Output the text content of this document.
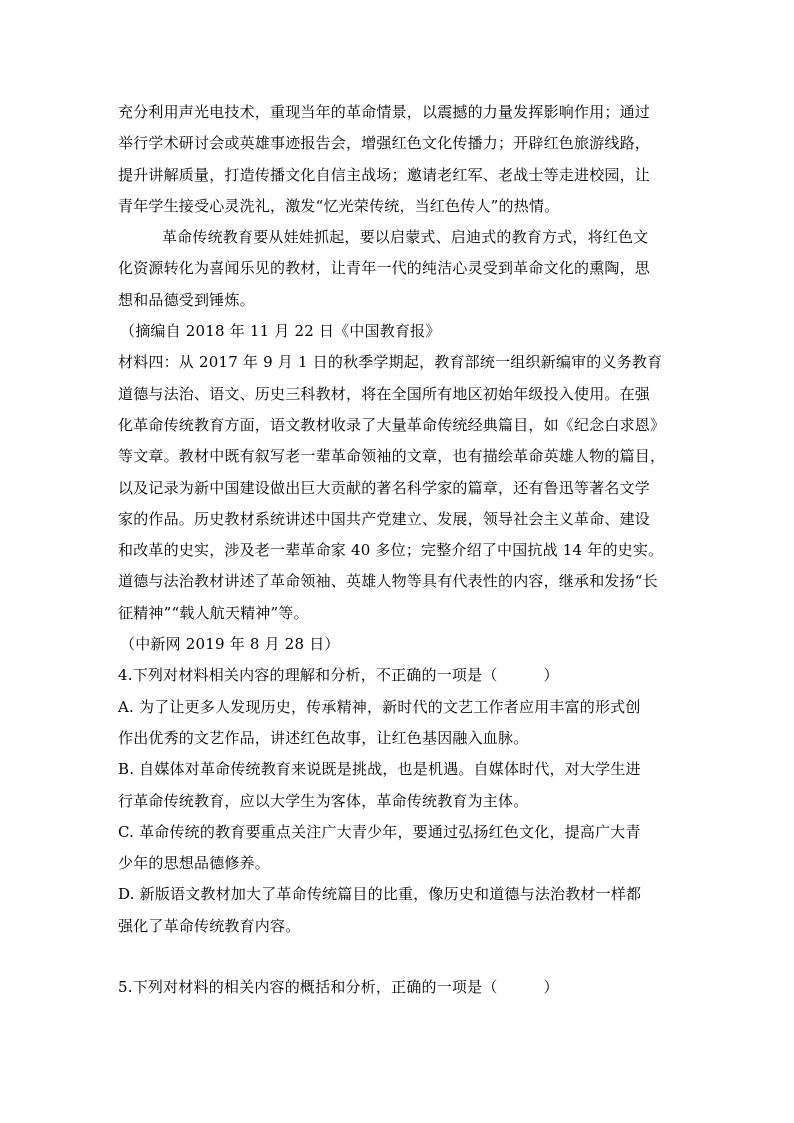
充分利用声光电技术，重现当年的革命情景，以震撼的力量发挥影响作用；通过
举行学术研讨会或英雄事迹报告会，增强红色文化传播力；开辟红色旅游线路，
提升讲解质量，打造传播文化自信主战场；邀请老红军、老战士等走进校园，让
青年学生接受心灵洗礼，激发“忆光荣传统，当红色传人”的热情。
革命传统教育要从娃娃抓起，要以启蒙式、启迪式的教育方式，将红色文
化资源转化为喜闻乐见的教材，让青年一代的纯洁心灵受到革命文化的熏陶，思
想和品德受到锤炼。
（摘编自 2018 年 11 月 22 日《中国教育报》
材料四：从 2017 年 9 月 1 日的秋季学期起，教育部统一组织新编审的义务教育
道德与法治、语文、历史三科教材，将在全国所有地区初始年级投入使用。在强
化革命传统教育方面，语文教材收录了大量革命传统经典篇目，如《纪念白求恩》
等文章。教材中既有叙写老一辈革命领袖的文章，也有描绘革命英雄人物的篇目，
以及记录为新中国建设做出巨大贡献的著名科学家的篇章，还有鲁迅等著名文学
家的作品。历史教材系统讲述中国共产党建立、发展，领导社会主义革命、建设
和改革的史实，涉及老一辈革命家 40 多位；完整介绍了中国抗战 14 年的史实。
道德与法治教材讲述了革命领袖、英雄人物等具有代表性的内容，继承和发扬“长
征精神”“载人航天精神”等。
（中新网 2019 年 8 月 28 日）
4.下列对材料相关内容的理解和分析，不正确的一项是（	）
A. 为了让更多人发现历史，传承精神，新时代的文艺工作者应用丰富的形式创
作出优秀的文艺作品，讲述红色故事，让红色基因融入血脉。
B. 自媒体对革命传统教育来说既是挑战，也是机遇。自媒体时代，对大学生进
行革命传统教育，应以大学生为客体，革命传统教育为主体。
C. 革命传统的教育要重点关注广大青少年，要通过弘扬红色文化，提高广大青
少年的思想品德修养。
D. 新版语文教材加大了革命传统篇目的比重，像历史和道德与法治教材一样都
强化了革命传统教育内容。
5.下列对材料的相关内容的概括和分析，正确的一项是（	）
